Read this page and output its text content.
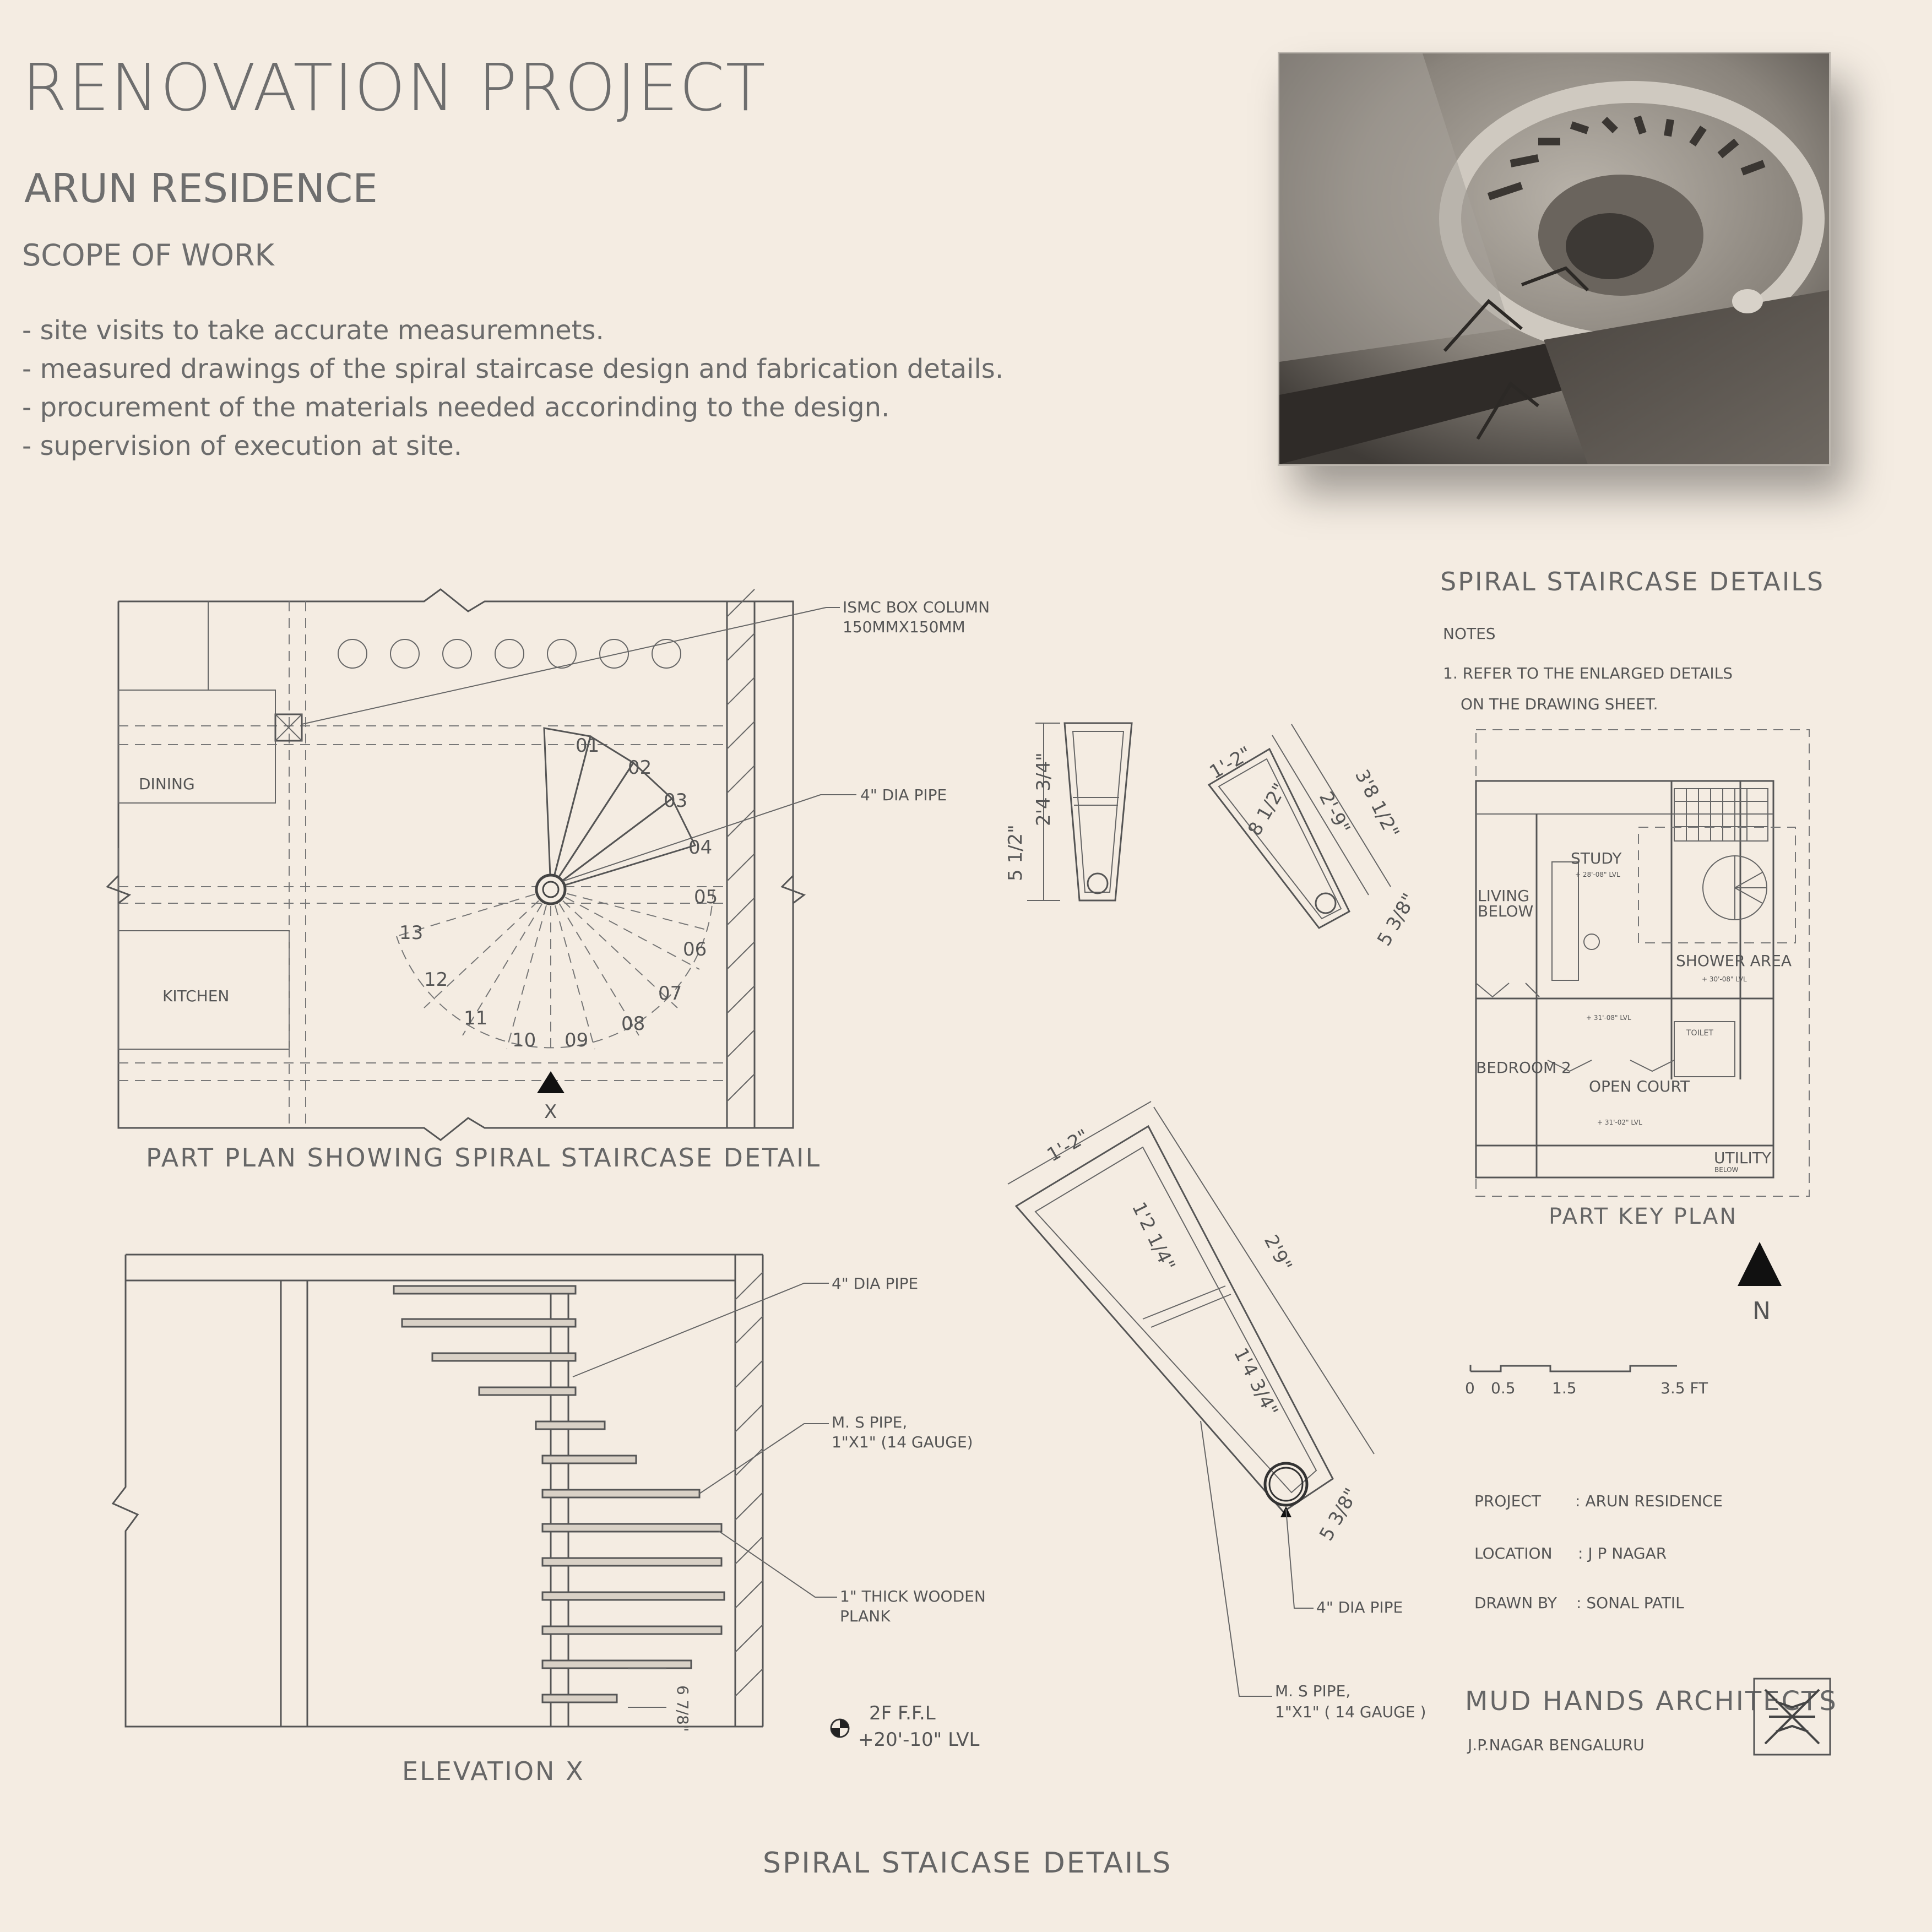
RENOVATION PROJECT
ARUN RESIDENCE
SCOPE OF WORK
- site visits to take accurate measuremnets.
- measured drawings of the spiral staircase design and fabrication details.
- procurement of the materials needed accorinding to the design.
- supervision of execution at site.
01
02
03
04
05
06
07
08
09
10
11
12
13
DINING
KITCHEN
ISMC BOX COLUMN
150MMX150MM
4" DIA PIPE
X
PART PLAN SHOWING SPIRAL STAIRCASE DETAIL
4" DIA PIPE
M. S PIPE,
1"X1" (14 GAUGE)
1" THICK WOODEN
PLANK
6 7/8"	2F F.F.L
+20'-10" LVL
ELEVATION X
2'4 3/4"
5 1/2"
1'-2"
3'8 1/2"
2'-9"
8 1/2"
5 3/8"
1'-2"
1'2 1/4"	2'9"
1'4 3/4"
5 3/8"
4" DIA PIPE
M. S PIPE,
1"X1" ( 14 GAUGE )
SPIRAL STAIRCASE DETAILS
NOTES
1. REFER TO THE ENLARGED DETAILS
ON THE DRAWING SHEET.
STUDY
LIVING
BELOW
SHOWER AREA
TOILET
BEDROOM 2
OPEN COURT
UTILITY
BELOW
+ 28'-08" LVL
+ 30'-08" LVL
+ 31'-08" LVL
+ 31'-02" LVL
PART KEY PLAN
N
0 0.5 1.5	3.5 FT
PROJECT : ARUN RESIDENCE
LOCATION : J P NAGAR
DRAWN BY : SONAL PATIL
MUD HANDS ARCHITECTS
J.P.NAGAR BENGALURU
SPIRAL STAICASE DETAILS
